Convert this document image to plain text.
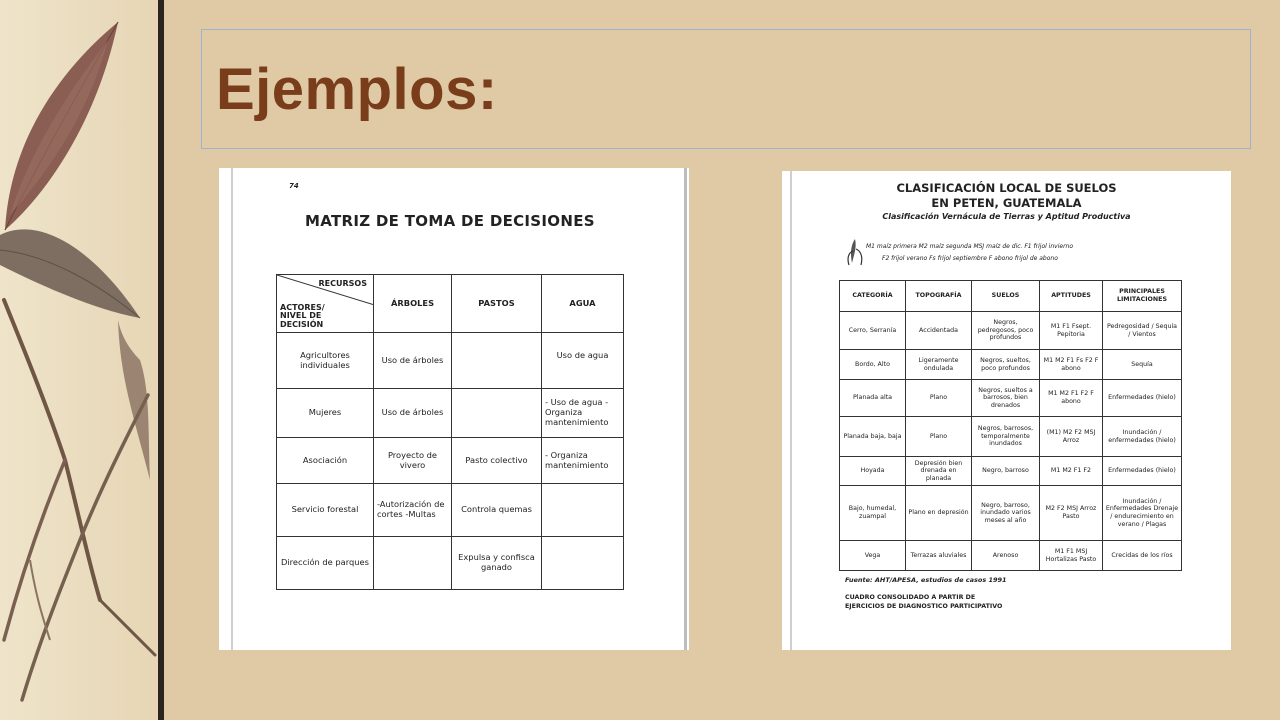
Ejemplos:
74
MATRIZ DE TOMA DE DECISIONES
RECURSOS
ACTORES/ NIVEL DE DECISIÓN	ÁRBOLES	PASTOS	AGUA
Agricultores individuales	Uso de árboles		Uso de agua
Mujeres	Uso de árboles		- Uso de agua - Organiza mantenimiento
Asociación	Proyecto de vivero	Pasto colectivo	- Organiza mantenimiento
Servicio forestal	-Autorización de cortes -Multas	Controla quemas	
Dirección de parques		Expulsa y confisca ganado	
CLASIFICACIÓN LOCAL DE SUELOS
EN PETEN, GUATEMALA
Clasificación Vernácula de Tierras y Aptitud Productiva
M1 maíz primera M2 maíz segunda MSJ maíz de dic. F1 frijol invierno
F2 frijol verano Fs frijol septiembre F abono frijol de abono
CATEGORÍA	TOPOGRAFÍA	SUELOS	APTITUDES	PRINCIPALES LIMITACIONES
Cerro, Serranía	Accidentada	Negros, pedregosos, poco profundos	M1 F1 Fsept. Pepitoria	Pedregosidad / Sequía / Vientos
Bordo, Alto	Ligeramente ondulada	Negros, sueltos, poco profundos	M1 M2 F1 Fs F2 F abono	Sequía
Planada alta	Plano	Negros, sueltos a barrosos, bien drenados	M1 M2 F1 F2 F abono	Enfermedades (hielo)
Planada baja, baja	Plano	Negros, barrosos, temporalmente inundados	(M1) M2 F2 MSJ Arroz	Inundación / enfermedades (hielo)
Hoyada	Depresión bien drenada en planada	Negro, barroso	M1 M2 F1 F2	Enfermedades (hielo)
Bajo, humedal, zuampal	Plano en depresión	Negro, barroso, inundado varios meses al año	M2 F2 MSJ Arroz Pasto	Inundación / Enfermedades Drenaje / endurecimiento en verano / Plagas
Vega	Terrazas aluviales	Arenoso	M1 F1 MSJ Hortalizas Pasto	Crecidas de los ríos
Fuente: AHT/APESA, estudios de casos 1991
CUADRO CONSOLIDADO A PARTIR DE
EJERCICIOS DE DIAGNOSTICO PARTICIPATIVO
